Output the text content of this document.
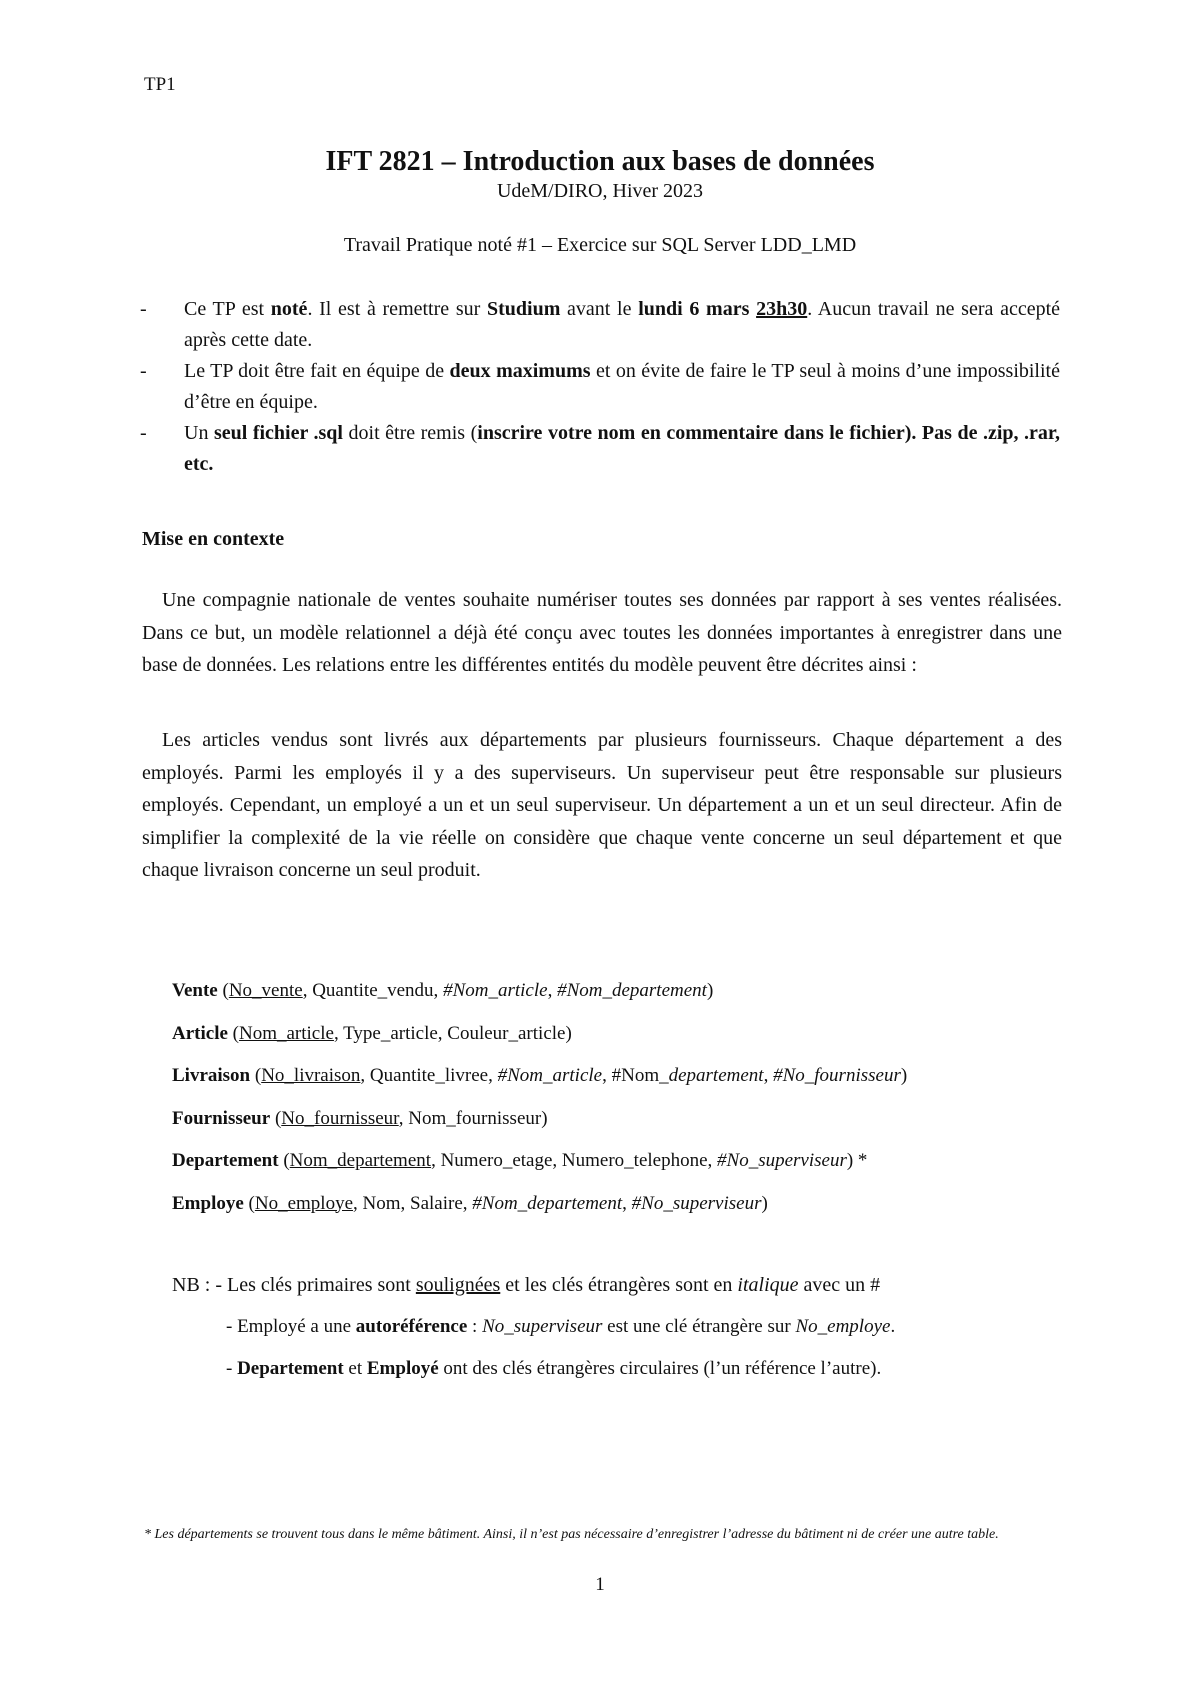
TP1
IFT 2821 – Introduction aux bases de données
UdeM/DIRO, Hiver 2023
Travail Pratique noté #1 – Exercice sur SQL Server LDD_LMD
- Ce TP est noté. Il est à remettre sur Studium avant le lundi 6 mars 23h30. Aucun travail ne sera accepté après cette date.
- Le TP doit être fait en équipe de deux maximums et on évite de faire le TP seul à moins d’une impossibilité d’être en équipe.
- Un seul fichier .sql doit être remis (inscrire votre nom en commentaire dans le fichier). Pas de .zip, .rar, etc.
Mise en contexte

Une compagnie nationale de ventes souhaite numériser toutes ses données par rapport à ses ventes réalisées. Dans ce but, un modèle relationnel a déjà été conçu avec toutes les données importantes à enregistrer dans une base de données. Les relations entre les différentes entités du modèle peuvent être décrites ainsi :

Les articles vendus sont livrés aux départements par plusieurs fournisseurs. Chaque département a des employés. Parmi les employés il y a des superviseurs. Un superviseur peut être responsable sur plusieurs employés. Cependant, un employé a un et un seul superviseur. Un département a un et un seul directeur. Afin de simplifier la complexité de la vie réelle on considère que chaque vente concerne un seul département et que chaque livraison concerne un seul produit.

Vente (No_vente, Quantite_vendu, #Nom_article, #Nom_departement)
Article (Nom_article, Type_article, Couleur_article)
Livraison (No_livraison, Quantite_livree, #Nom_article, #Nom_departement, #No_fournisseur)
Fournisseur (No_fournisseur, Nom_fournisseur)
Departement (Nom_departement, Numero_etage, Numero_telephone, #No_superviseur) *
Employe (No_employe, Nom, Salaire, #Nom_departement, #No_superviseur)
NB : - Les clés primaires sont soulignées et les clés étrangères sont en italique avec un #
- Employé a une autoréférence : No_superviseur est une clé étrangère sur No_employe.
- Departement et Employé ont des clés étrangères circulaires (l’un référence l’autre).
* Les départements se trouvent tous dans le même bâtiment. Ainsi, il n’est pas nécessaire d’enregistrer l’adresse du bâtiment ni de créer une autre table.
1
